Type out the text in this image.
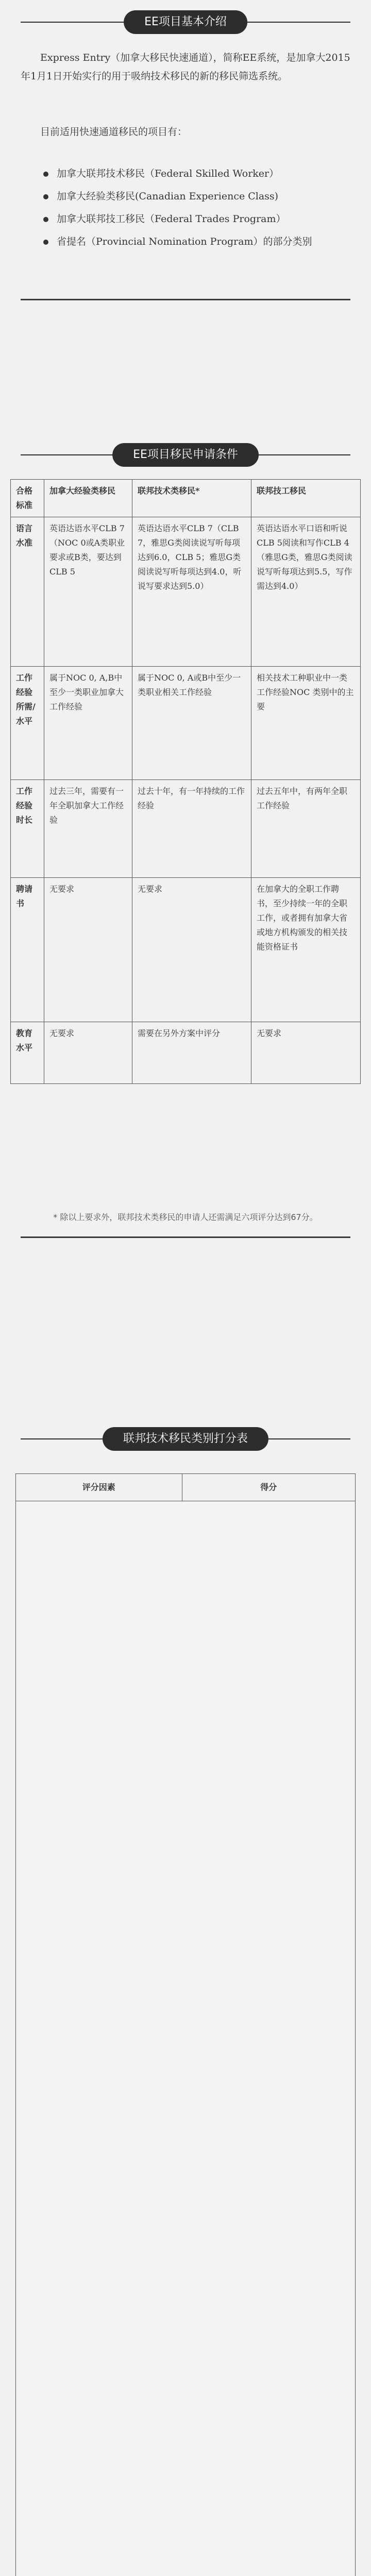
EE项目基本介绍

Express Entry（加拿大移民快速通道），简称EE系统，是加拿大2015年1月1日开始实行的用于吸纳技术移民的新的移民筛选系统。

目前适用快速通道移民的项目有：

加拿大联邦技术移民（Federal Skilled Worker）
加拿大经验类移民(Canadian Experience Class)
加拿大联邦技工移民（Federal Trades Program）
省提名（Provincial Nomination Program）的部分类别
EE项目移民申请条件
合格标准	加拿大经验类移民	联邦技术类移民*	联邦技工移民
语言水准	英语达语水平CLB 7（NOC 0或A类职业要求或B类，要达到CLB 5	英语达语水平CLB 7（CLB 7，雅思G类阅读说写听每项达到6.0，CLB 5；雅思G类阅读说写听每项达到4.0，听说写要求达到5.0）	英语达语水平口语和听说CLB 5阅读和写作CLB 4（雅思G类，雅思G类阅读说写听每项达到5.5，写作需达到4.0）
工作经验所需/水平	属于NOC 0, A,B中至少一类职业加拿大工作经验	属于NOC 0, A或B中至少一类职业相关工作经验	相关技术工种职业中一类工作经验NOC 类别中的主要
工作经验时长	过去三年，需要有一年全职加拿大工作经验	过去十年，有一年持续的工作经验	过去五年中，有两年全职工作经验
聘请书	无要求	无要求	在加拿大的全职工作聘书，至少持续一年的全职工作，或者拥有加拿大省或地方机构颁发的相关技能资格证书
教育水平	无要求	需要在另外方案中评分	无要求
* 除以上要求外，联邦技术类移民的申请人还需满足六项评分达到67分。
联邦技术移民类别打分表
评分因素	得分
